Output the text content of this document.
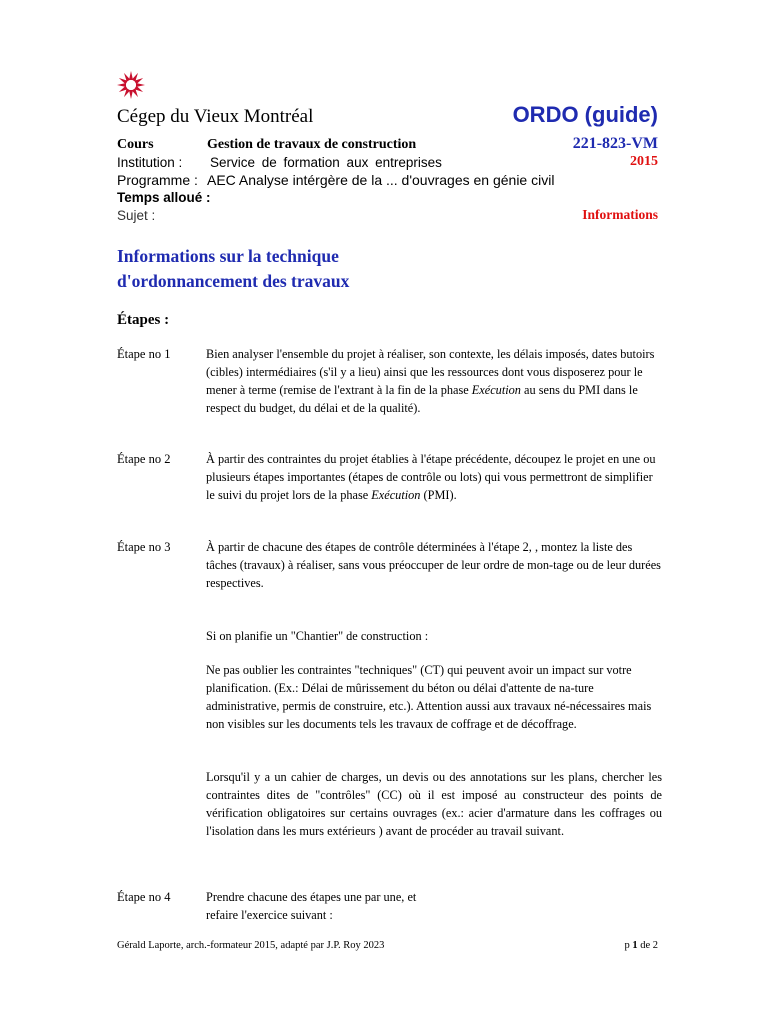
Cégep du Vieux Montréal	ORDO (guide)
Cours	Gestion de travaux de construction	221-823-VM
Institution : Service de formation aux entreprises	2015
Programme : AEC Analyse intérgère de la ... d'ouvrages en génie civil
Temps alloué :
Sujet :	Informations
Informations sur la technique
d'ordonnancement des travaux
Étapes :
Étape no 1	Bien analyser l'ensemble du projet à réaliser, son contexte, les délais imposés, dates butoirs (cibles) intermédiaires (s'il y a lieu) ainsi que les ressources dont vous disposerez pour le mener à terme (remise de l'extrant à la fin de la phase Exécution au sens du PMI dans le respect du budget, du délai et de la qualité).
Étape no 2	À partir des contraintes du projet établies à l'étape précédente, découpez le projet en une ou plusieurs étapes importantes (étapes de contrôle ou lots) qui vous permettront de simplifier le suivi du projet lors de la phase Exécution (PMI).
Étape no 3	À partir de chacune des étapes de contrôle déterminées à l'étape 2, , montez la liste des tâches (travaux) à réaliser, sans vous préoccuper de leur ordre de mon-tage ou de leur durées respectives.
Si on planifie un "Chantier" de construction :
Ne pas oublier les contraintes "techniques" (CT) qui peuvent avoir un impact sur votre planification. (Ex.: Délai de mûrissement du béton ou délai d'attente de na-ture administrative, permis de construire, etc.). Attention aussi aux travaux né-nécessaires mais non visibles sur les documents tels les travaux de coffrage et de décoffrage.
Lorsqu'il y a un cahier de charges, un devis ou des annotations sur les plans, chercher les contraintes dites de "contrôles" (CC) où il est imposé au constructeur des points de vérification obligatoires sur certains ouvrages (ex.: acier d'armature dans les coffrages ou l'isolation dans les murs extérieurs ) avant de procéder au travail suivant.
Étape no 4	Prendre chacune des étapes une par une, et
refaire l'exercice suivant :
Gérald Laporte, arch.-formateur 2015, adapté par J.P. Roy 2023	p 1 de 2
